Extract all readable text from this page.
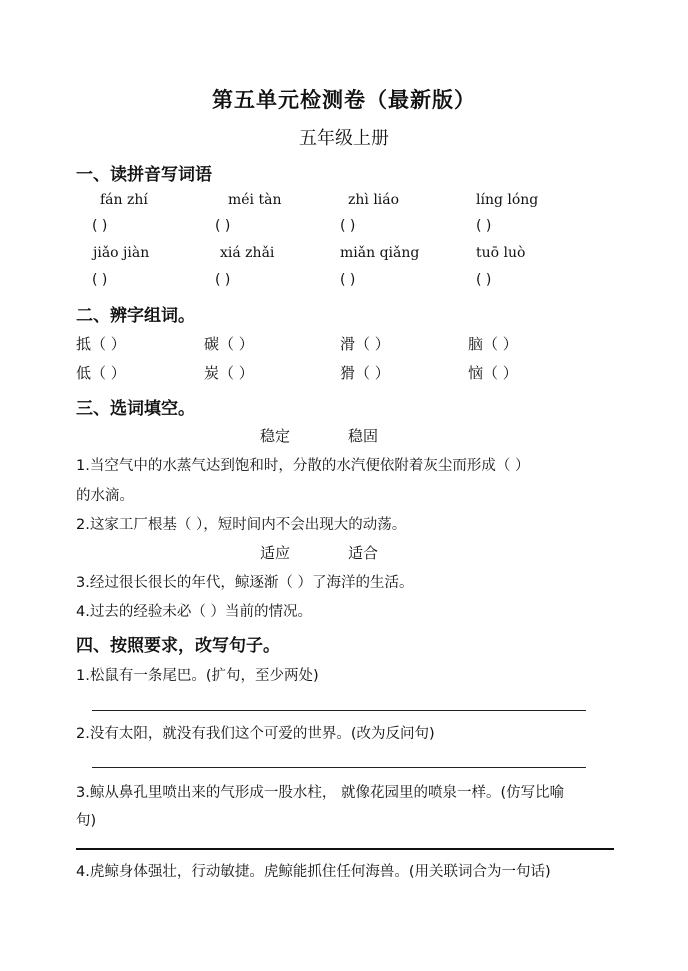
第五单元检测卷（最新版）
五年级上册
一、读拼音写词语
fán zhí	méi tàn	zhì liáo	líng lóng
( )	( )	( )	( )
jiǎo jiàn	xiá zhǎi	miǎn qiǎng	tuō luò
( )	( )	( )	( )
二、辨字组词。
抵（ ）	碳（ ）	滑（ ）	脑（ ）
低（ ）	炭（ ）	猾（ ）	恼（ ）
三、选词填空。
稳定	稳固
1.当空气中的水蒸气达到饱和时，分散的水汽便依附着灰尘而形成（ ）
的水滴。
2.这家工厂根基（ ），短时间内不会出现大的动荡。
适应	适合
3.经过很长很长的年代，鲸逐渐（ ）了海洋的生活。
4.过去的经验未必（ ）当前的情况。
四、按照要求，改写句子。
1.松鼠有一条尾巴。(扩句，至少两处)
2.没有太阳，就没有我们这个可爱的世界。(改为反问句)
3.鲸从鼻孔里喷出来的气形成一股水柱， 就像花园里的喷泉一样。(仿写比喻
句)
4.虎鲸身体强壮，行动敏捷。虎鲸能抓住任何海兽。(用关联词合为一句话)
